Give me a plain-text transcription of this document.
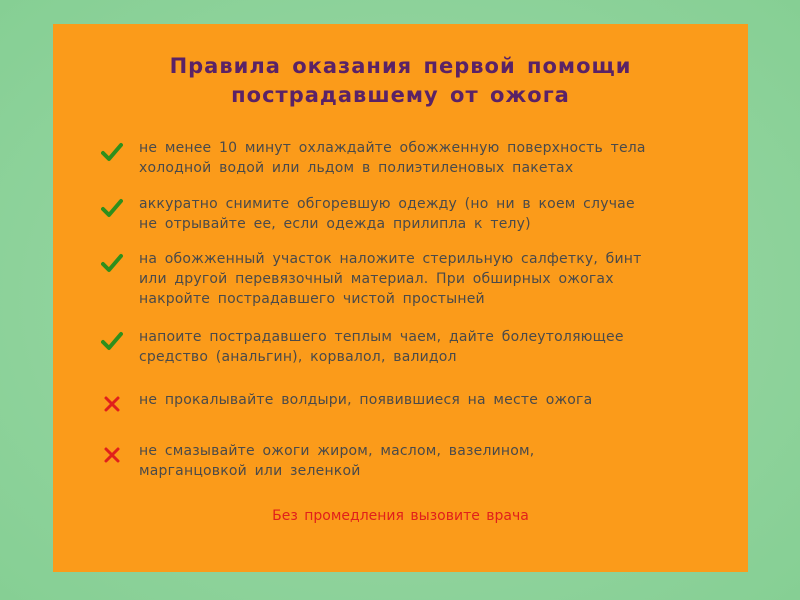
Правила оказания первой помощи
пострадавшему от ожога
не менее 10 минут охлаждайте обожженную поверхность тела
холодной водой или льдом в полиэтиленовых пакетах
аккуратно снимите обгоревшую одежду (но ни в коем случае
не отрывайте ее, если одежда прилипла к телу)
на обожженный участок наложите стерильную салфетку, бинт
или другой перевязочный материал. При обширных ожогах
накройте пострадавшего чистой простыней
напоите пострадавшего теплым чаем, дайте болеутоляющее
средство (анальгин), корвалол, валидол
не прокалывайте волдыри, появившиеся на месте ожога
не смазывайте ожоги жиром, маслом, вазелином,
марганцовкой или зеленкой
Без промедления вызовите врача
